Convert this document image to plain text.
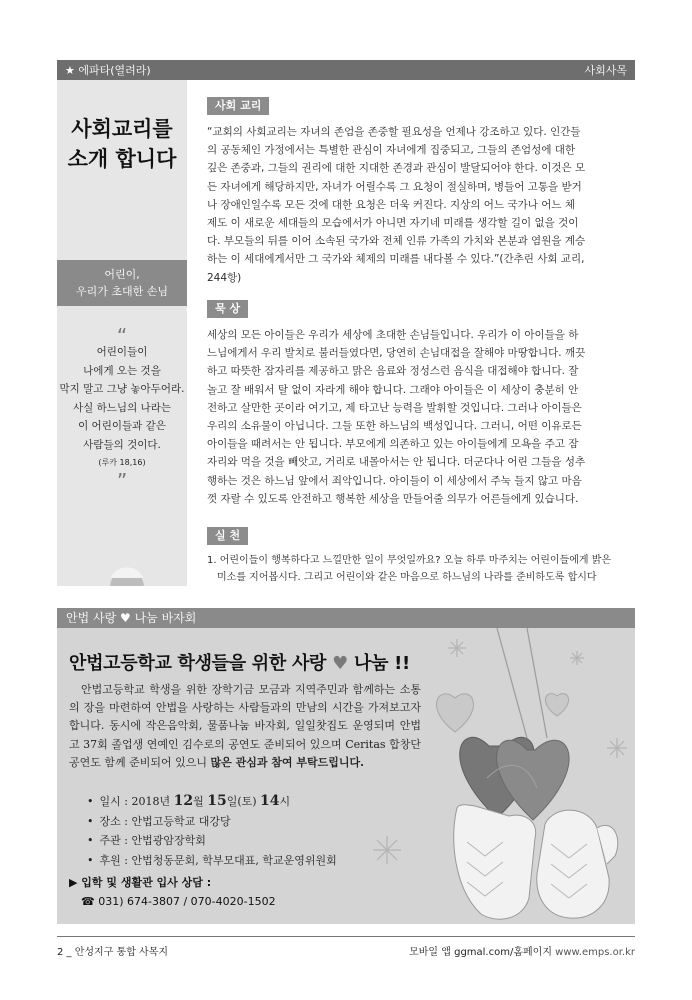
★ 에파타(열려라)	사회사목
사회교리를
소개 합니다
어린이,
우리가 초대한 손님
“
어린이들이
나에게 오는 것을
막지 말고 그냥 놓아두어라.
사실 하느님의 나라는
이 어린이들과 같은
사람들의 것이다.
(루카 18,16)
”
사회 교리
“교회의 사회교리는 자녀의 존엄을 존중할 필요성을 언제나 강조하고 있다. 인간들
의 공동체인 가정에서는 특별한 관심이 자녀에게 집중되고, 그들의 존엄성에 대한
깊은 존중과, 그들의 권리에 대한 지대한 존경과 관심이 발달되어야 한다. 이것은 모
든 자녀에게 해당하지만, 자녀가 어릴수록 그 요청이 절실하며, 병들어 고통을 받거
나 장애인일수록 모든 것에 대한 요청은 더욱 커진다. 지상의 어느 국가나 어느 체
제도 이 새로운 세대들의 모습에서가 아니면 자기네 미래를 생각할 길이 없을 것이
다. 부모들의 뒤를 이어 소속된 국가와 전체 인류 가족의 가치와 본분과 염원을 계승
하는 이 세대에게서만 그 국가와 체제의 미래를 내다볼 수 있다.”(간추린 사회 교리,
244항)
묵 상
세상의 모든 아이들은 우리가 세상에 초대한 손님들입니다. 우리가 이 아이들을 하
느님에게서 우리 발치로 불러들였다면, 당연히 손님대접을 잘해야 마땅합니다. 깨끗
하고 따뜻한 잠자리를 제공하고 맑은 음료와 정성스런 음식을 대접해야 합니다. 잘
놀고 잘 배워서 탈 없이 자라게 해야 합니다. 그래야 아이들은 이 세상이 충분히 안
전하고 살만한 곳이라 여기고, 제 타고난 능력을 발휘할 것입니다. 그러나 아이들은
우리의 소유물이 아닙니다. 그들 또한 하느님의 백성입니다. 그러니, 어떤 이유로든
아이들을 때려서는 안 됩니다. 부모에게 의존하고 있는 아이들에게 모욕을 주고 잠
자리와 먹을 것을 빼앗고, 거리로 내몰아서는 안 됩니다. 더군다나 어린 그들을 성추
행하는 것은 하느님 앞에서 죄악입니다. 아이들이 이 세상에서 주눅 들지 않고 마음
껏 자랄 수 있도록 안전하고 행복한 세상을 만들어줄 의무가 어른들에게 있습니다.
실 천
1. 어린이들이 행복하다고 느낄만한 일이 무엇일까요? 오늘 하루 마주치는 어린이들에게 밝은
미소를 지어봅시다. 그리고 어린이와 같은 마음으로 하느님의 나라를 준비하도록 합시다
안법 사랑 ♥ 나눔 바자회
안법고등학교 학생들을 위한 사랑 ♥ 나눔 !!
안법고등학교 학생을 위한 장학기금 모금과 지역주민과 함께하는 소통의 장을 마련하여 안법을 사랑하는 사람들과의 만남의 시간을 가져보고자 합니다. 동시에 작은음악회, 물품나눔 바자회, 일일찻집도 운영되며 안법고 37회 졸업생 연예인 김수로의 공연도 준비되어 있으며 Ceritas 합창단 공연도 함께 준비되어 있으니 많은 관심과 참여 부탁드립니다.
• 일시 : 2018년 12월 15일(토) 14시
• 장소 : 안법고등학교 대강당
• 주관 : 안법광암장학회
• 후원 : 안법청동문회, 학부모대표, 학교운영위원회
▶ 입학 및 생활관 입사 상담 :
☎ 031) 674-3807 / 070-4020-1502
2 _ 안성지구 통합 사목지	모바일 앱 ggmal.com/홈페이지 www.emps.or.kr
